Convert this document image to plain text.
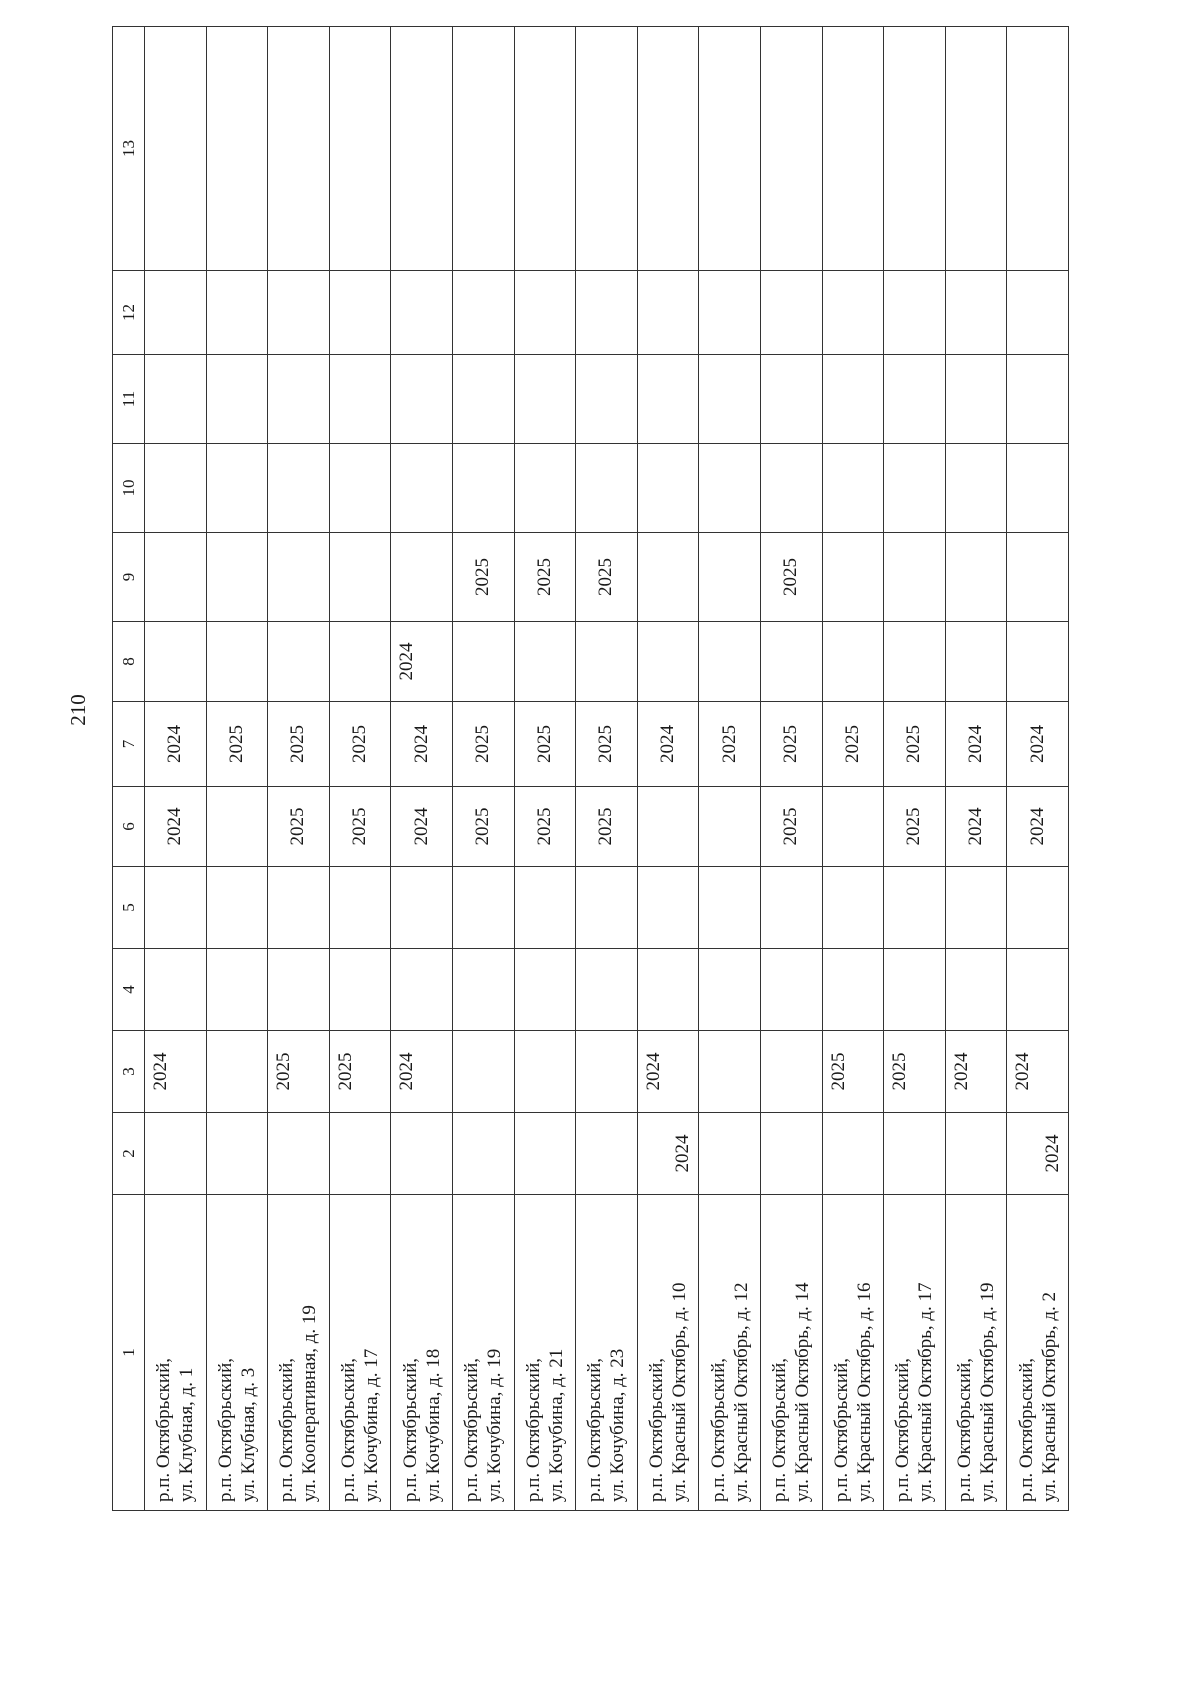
210
1	2	3	4	5	6	7	8	9	10	11	12	13

р.п. Октябрьский, ул. Клубная, д. 1		2024			2024	2024						

р.п. Октябрьский, ул. Клубная, д. 3						2025						

р.п. Октябрьский, ул. Кооперативная, д. 19		2025			2025	2025						

р.п. Октябрьский, ул. Кочубина, д. 17		2025			2025	2025						

р.п. Октябрьский, ул. Кочубина, д. 18		2024			2024	2024	2024					

р.п. Октябрьский, ул. Кочубина, д. 19					2025	2025		2025				

р.п. Октябрьский, ул. Кочубина, д. 21					2025	2025		2025				

р.п. Октябрьский, ул. Кочубина, д. 23					2025	2025		2025				

р.п. Октябрьский, ул. Красный Октябрь, д. 10	2024	2024				2024						

р.п. Октябрьский, ул. Красный Октябрь, д. 12						2025						

р.п. Октябрьский, ул. Красный Октябрь, д. 14					2025	2025		2025				

р.п. Октябрьский, ул. Красный Октябрь, д. 16		2025				2025						

р.п. Октябрьский, ул. Красный Октябрь, д. 17		2025			2025	2025						

р.п. Октябрьский, ул. Красный Октябрь, д. 19		2024			2024	2024						

р.п. Октябрьский, ул. Красный Октябрь, д. 2	2024	2024			2024	2024						
